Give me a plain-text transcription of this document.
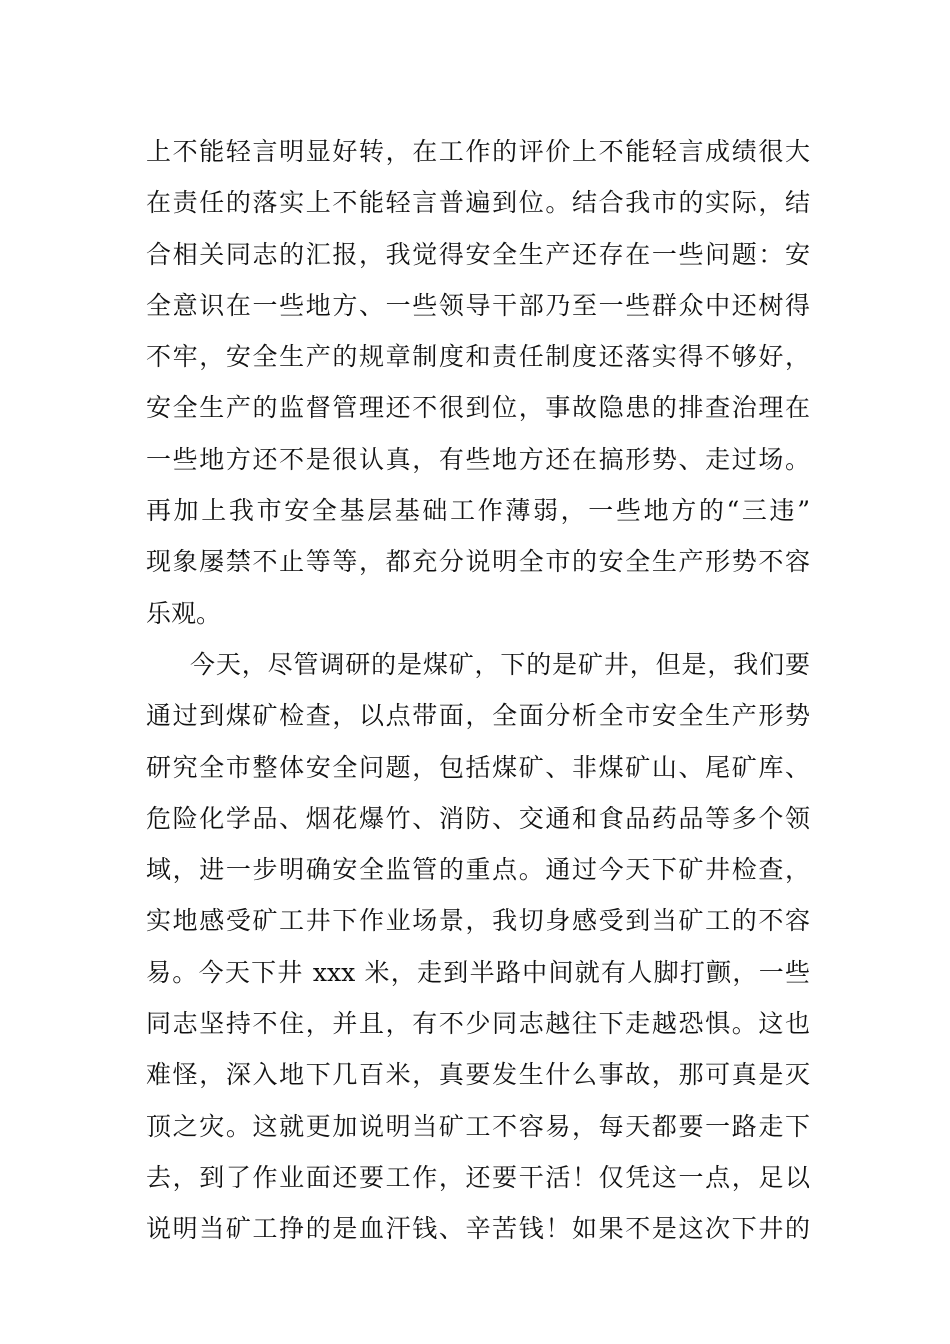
上不能轻言明显好转，在工作的评价上不能轻言成绩很大
在责任的落实上不能轻言普遍到位。结合我市的实际，结
合相关同志的汇报，我觉得安全生产还存在一些问题：安
全意识在一些地方、一些领导干部乃至一些群众中还树得
不牢，安全生产的规章制度和责任制度还落实得不够好，
安全生产的监督管理还不很到位，事故隐患的排查治理在
一些地方还不是很认真，有些地方还在搞形势、走过场。
再加上我市安全基层基础工作薄弱，一些地方的“三违”
现象屡禁不止等等，都充分说明全市的安全生产形势不容
乐观。
今天，尽管调研的是煤矿，下的是矿井，但是，我们要
通过到煤矿检查，以点带面，全面分析全市安全生产形势
研究全市整体安全问题，包括煤矿、非煤矿山、尾矿库、
危险化学品、烟花爆竹、消防、交通和食品药品等多个领
域，进一步明确安全监管的重点。通过今天下矿井检查，
实地感受矿工井下作业场景，我切身感受到当矿工的不容
易。今天下井 xxx 米，走到半路中间就有人脚打颤，一些
同志坚持不住，并且，有不少同志越往下走越恐惧。这也
难怪，深入地下几百米，真要发生什么事故，那可真是灭
顶之灾。这就更加说明当矿工不容易，每天都要一路走下
去，到了作业面还要工作，还要干活！仅凭这一点，足以
说明当矿工挣的是血汗钱、辛苦钱！如果不是这次下井的
